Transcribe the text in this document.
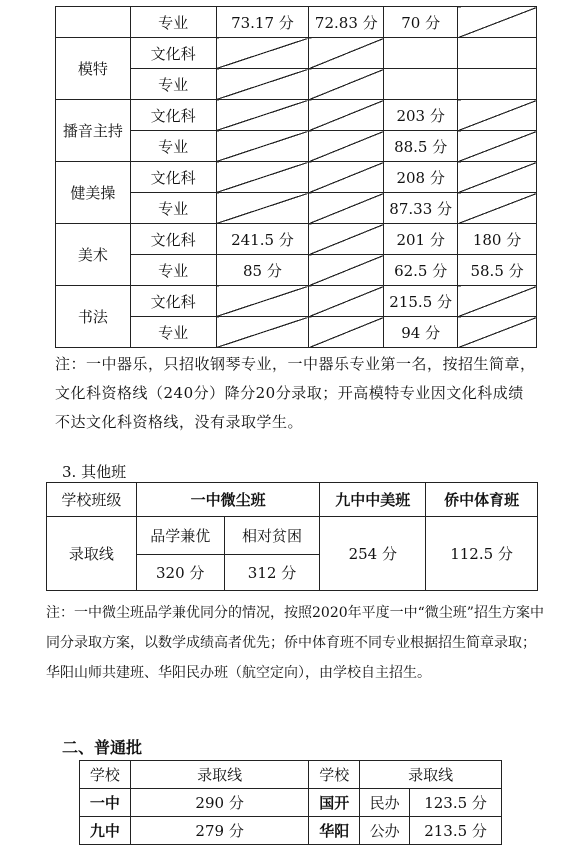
	专业	73.17 分	72.83 分	70 分	
模特	文化科				
	专业				
播音主持	文化科			203 分	
	专业			88.5 分	
健美操	文化科			208 分	
	专业			87.33 分	
美术	文化科	241.5 分		201 分	180 分
	专业	85 分		62.5 分	58.5 分
书法	文化科			215.5 分	
	专业			94 分	
注：一中器乐，只招收钢琴专业，一中器乐专业第一名，按招生简章，文化科资格线（240分）降分20分录取；开高模特专业因文化科成绩不达文化科资格线，没有录取学生。
3. 其他班
学校班级	一中微尘班		九中中美班	侨中体育班
录取线	品学兼优	相对贫困	254 分	112.5 分
	320 分	312 分		
注：一中微尘班品学兼优同分的情况，按照2020年平度一中“微尘班”招生方案中同分录取方案，以数学成绩高者优先；侨中体育班不同专业根据招生简章录取；华阳山师共建班、华阳民办班（航空定向），由学校自主招生。
二、普通批
学校	录取线	学校	录取线	
一中	290 分	国开	民办	123.5 分
九中	279 分	华阳	公办	213.5 分
